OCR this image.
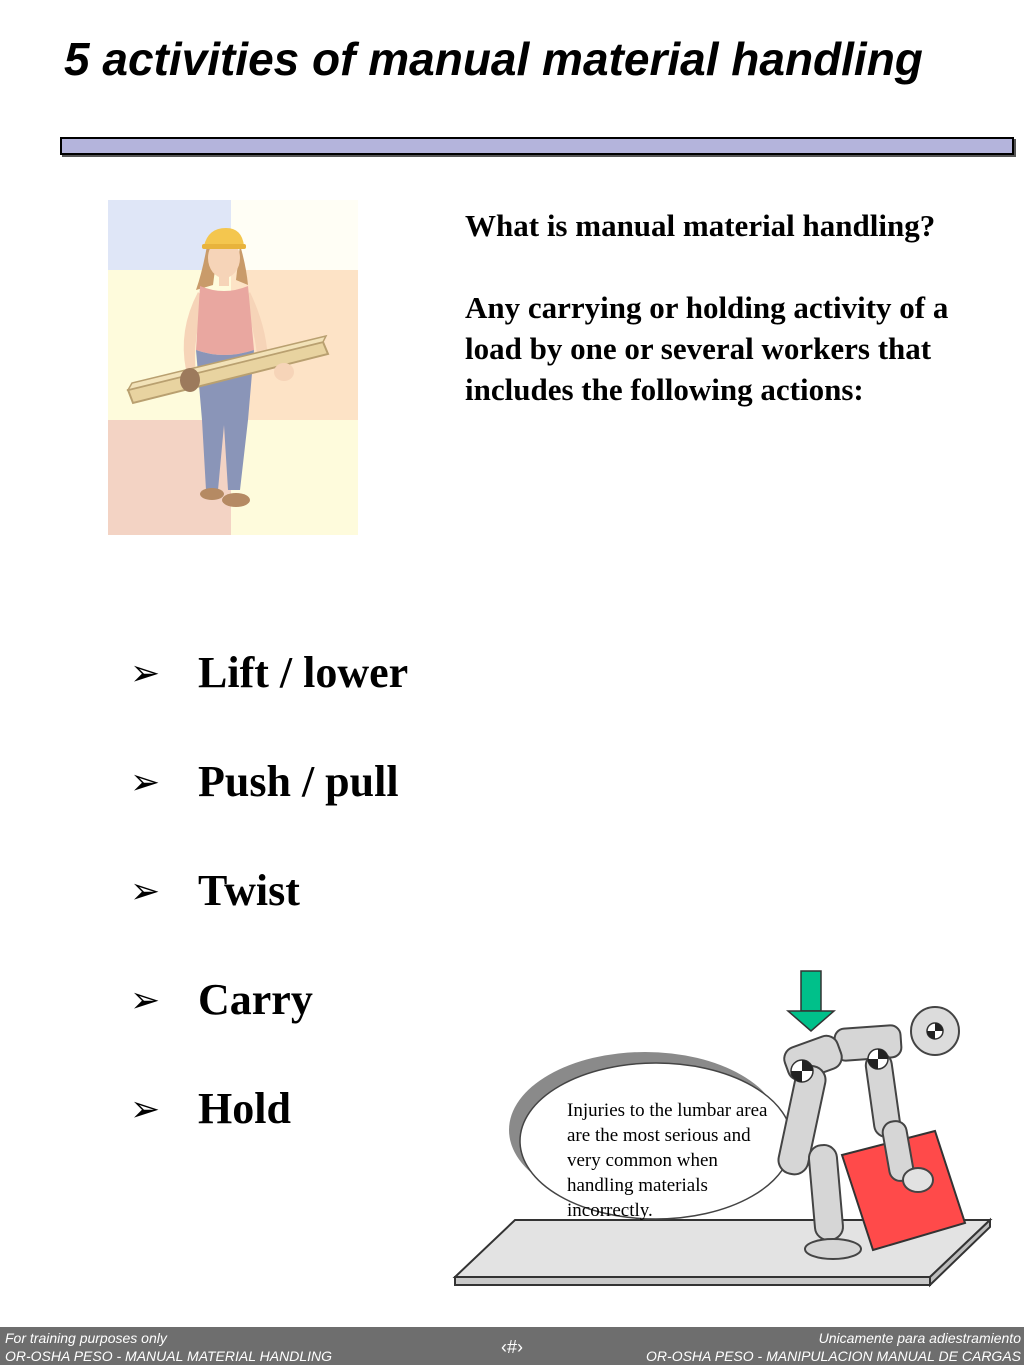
5 activities of manual material handling

What is manual material handling?

Any carrying or holding activity of a load by one or several workers that includes the following actions:

➢ Lift / lower
➢ Push / pull
➢ Twist
➢ Carry
➢ Hold	Injuries to the lumbar area are the most serious and very common when handling materials incorrectly.
For training purposes only
OR-OSHA PESO - MANUAL MATERIAL HANDLING	‹#›	Unicamente para adiestramiento
OR-OSHA PESO - MANIPULACION MANUAL DE CARGAS
